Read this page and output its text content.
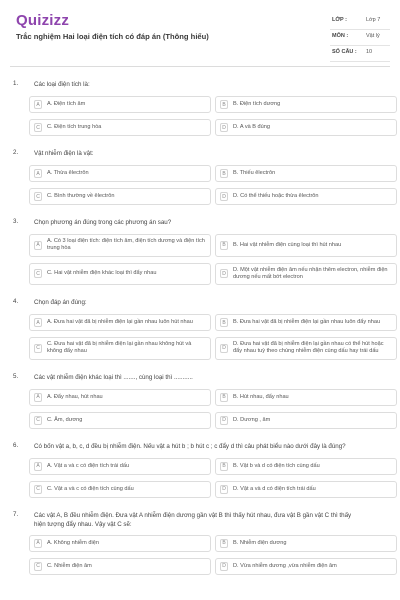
Quizizz
Trắc nghiệm Hai loại điện tích có đáp án (Thông hiểu)
LỚP :	Lớp 7
MÔN :	Vật lý
SỐ CÂU : 10
1.	Các loại điện tích là:
A	A. Điện tích âm	B	B. Điện tích dương
C	C. Điện tích trung hòa	D	D. A và B đúng
2.	Vật nhiễm điện là vật:
A	A. Thừa êlectrôn	B	B. Thiếu êlectrôn
C	C. Bình thường về êlectrôn	D	D. Có thể thiếu hoặc thừa êlectrôn
3.	Chọn phương án đúng trong các phương án sau?
A
A. Có 3 loại điện tích: điện tích âm, điện tích dương và điện tích trung hòa	B	B. Hai vật nhiễm điện cùng loại thì hút nhau
C	C. Hai vật nhiễm điện khác loại thì đẩy nhau	D
D. Một vật nhiễm điện âm nếu nhận thêm electron, nhiễm điện dương nếu mất bớt electron
4.	Chọn đáp án đúng:
A	A. Đưa hai vật đã bị nhiễm điện lại gần nhau luôn hút nhau	B	B. Đưa hai vật đã bị nhiễm điện lại gần nhau luôn đẩy nhau
C
C. Đưa hai vật đã bị nhiễm điện lại gần nhau không hút và không đẩy nhau	D
D. Đưa hai vật đã bị nhiễm điện lại gần nhau có thể hút hoặc đẩy nhau tuỳ theo chúng nhiễm điện cùng dấu hay trái dấu
5.	Các vật nhiễm điện khác loại thì ......., cùng loại thì ...........
A	A. Đẩy nhau, hút nhau	B	B. Hút nhau, đẩy nhau
C	C. Âm, dương	D	D. Dương , âm
6.	Có bốn vật a, b, c, d đều bị nhiễm điện. Nếu vật a hút b ; b hút c ; c đẩy d thì câu phát biểu nào dưới đây là đúng?
A	A. Vật a và c có điện tích trái dấu	B	B. Vật b và d có điện tích cùng dấu
C	C. Vật a và c có điện tích cùng dấu	D	D. Vật a và d có điện tích trái dấu
7.	Các vật A, B đều nhiễm điện. Đưa vật A nhiễm điện dương gần vật B thì thấy hút nhau, đưa vật B gần vật C thì thấy hiện tượng đẩy nhau. Vậy vật C sẽ:
A	A. Không nhiễm điện	B	B. Nhiễm điện dương
C	C. Nhiễm điện âm	D	D. Vừa nhiễm dương ,vừa nhiễm điện âm
